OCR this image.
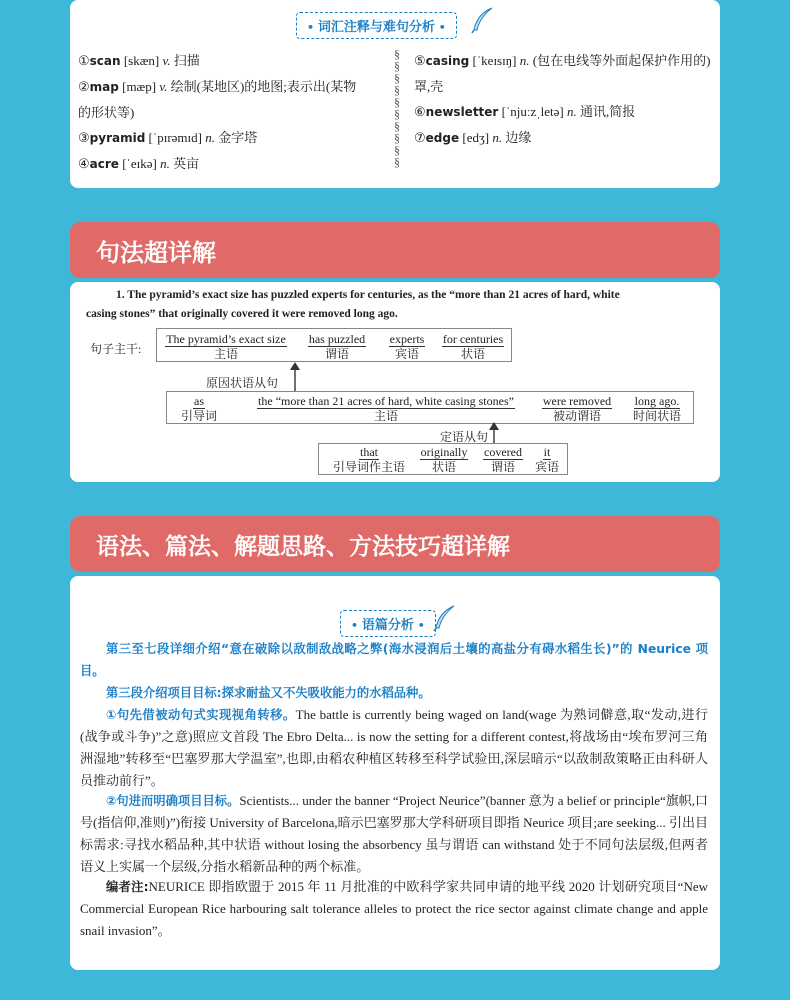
• 词汇注释与难句分析 •
①scan [skæn] v. 扫描
②map [mæp] v. 绘制(某地区)的地图;表示出(某物
的形状等)
③pyramid [ˈpɪrəmɪd] n. 金字塔
④acre [ˈeɪkə] n. 英亩
§
§
§
§
§
§
§
§
§
§
⑤casing [ˈkeɪsɪŋ] n. (包在电线等外面起保护作用的)
罩,壳
⑥newsletter [ˈnjuːzˌletə] n. 通讯,简报
⑦edge [edʒ] n. 边缘
句法超详解
1. The pyramid’s exact size has puzzled experts for centuries, as the “more than 21 acres of hard, white
casing stones” that originally covered it were removed long ago.
句子主干:
The pyramid’s exact size
主语
has puzzled
谓语
experts
宾语
for centuries
状语
原因状语从句
as
引导词
the “more than 21 acres of hard, white casing stones”
主语
were removed
被动谓语
long ago.
时间状语
定语从句
that
引导词作主语
originally
状语
covered
谓语
it
宾语
语法、篇法、解题思路、方法技巧超详解
• 语篇分析 •
第三至七段详细介绍“意在破除以敌制敌战略之弊(海水浸润后土壤的高盐分有碍水稻生长)”的 Neurice 项目。
第三段介绍项目目标:探求耐盐又不失吸收能力的水稻品种。
①句先借被动句式实现视角转移。The battle is currently being waged on land(wage 为熟词僻意,取“发动,进行(战争或斗争)”之意)照应文首段 The Ebro Delta... is now the setting for a different contest,将战场由“埃布罗河三角洲湿地”转移至“巴塞罗那大学温室”,也即,由稻农种植区转移至科学试验田,深层暗示“以敌制敌策略正由科研人员推动前行”。
②句进而明确项目目标。Scientists... under the banner “Project Neurice”(banner 意为 a belief or principle“旗帜,口号(指信仰,准则)”)衔接 University of Barcelona,暗示巴塞罗那大学科研项目即指 Neurice 项目;are seeking... 引出目标需求:寻找水稻品种,其中状语 without losing the absorbency 虽与谓语 can withstand 处于不同句法层级,但两者语义上实属一个层级,分指水稻新品种的两个标准。
编者注:NEURICE 即指欧盟于 2015 年 11 月批准的中欧科学家共同申请的地平线 2020 计划研究项目“New Commercial European Rice harbouring salt tolerance alleles to protect the rice sector against climate change and apple snail invasion”。
